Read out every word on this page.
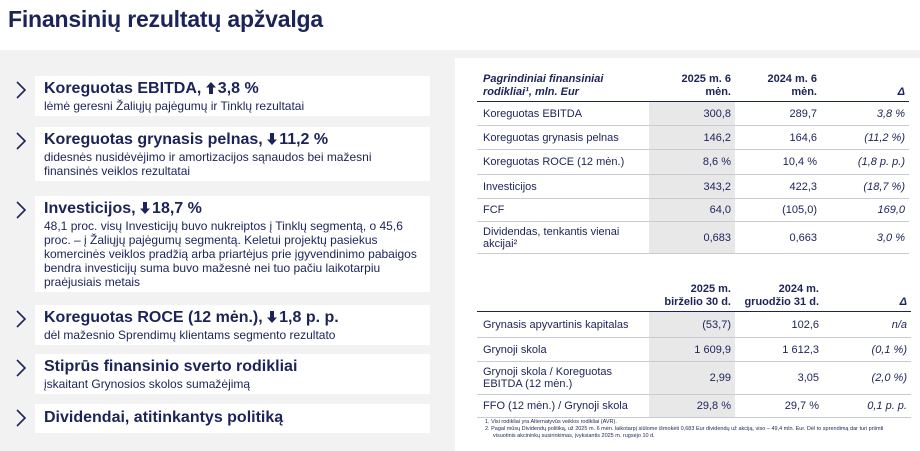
Finansinių rezultatų apžvalga
Koreguotas EBITDA, 3,8 %
lėmė geresni Žaliųjų pajėgumų ir Tinklų rezultatai
Koreguotas grynasis pelnas, 11,2 %
didesnės nusidėvėjimo ir amortizacijos sąnaudos bei mažesni finansinės veiklos rezultatai
Investicijos, 18,7 %
48,1 proc. visų Investicijų buvo nukreiptos į Tinklų segmentą, o 45,6 proc. – į Žaliųjų pajėgumų segmentą. Keletui projektų pasiekus komercinės veiklos pradžią arba priartėjus prie įgyvendinimo pabaigos bendra investicijų suma buvo mažesnė nei tuo pačiu laikotarpiu praėjusiais metais
Koreguotas ROCE (12 mėn.), 1,8 p. p.
dėl mažesnio Sprendimų klientams segmento rezultato
Stiprūs finansinio sverto rodikliai
įskaitant Grynosios skolos sumažėjimą
Dividendai, atitinkantys politiką
Pagrindiniai finansiniai rodikliai¹, mln. Eur	2025 m. 6 mėn.	2024 m. 6 mėn.	Δ
Koreguotas EBITDA	300,8	289,7	3,8 %
Koreguotas grynasis pelnas	146,2	164,6	(11,2 %)
Koreguotas ROCE (12 mėn.)	8,6 %	10,4 %	(1,8 p. p.)
Investicijos	343,2	422,3	(18,7 %)
FCF	64,0	(105,0)	169,0
Dividendas, tenkantis vienai akcijai²	0,683	0,663	3,0 %
	2025 m. birželio 30 d.	2024 m. gruodžio 31 d.	Δ
Grynasis apyvartinis kapitalas	(53,7)	102,6	n/a
Grynoji skola	1 609,9	1 612,3	(0,1 %)
Grynoji skola / Koreguotas EBITDA (12 mėn.)	2,99	3,05	(2,0 %)
FFO (12 mėn.) / Grynoji skola	29,8 %	29,7 %	0,1 p. p.
1. Visi rodikliai yra Alternatyvūs veiklos rodikliai (AVR).
2. Pagal mūsų Dividendų politiką, už 2025 m. 6 mėn. laikotarpį siūlome išmokėti 0,683 Eur dividendų už akciją, viso – 49,4 mln. Eur. Dėl to sprendimą dar turi priimti visuotinis akcininkų susirinkimas, įvyksiantis 2025 m. rugsėjo 10 d.
